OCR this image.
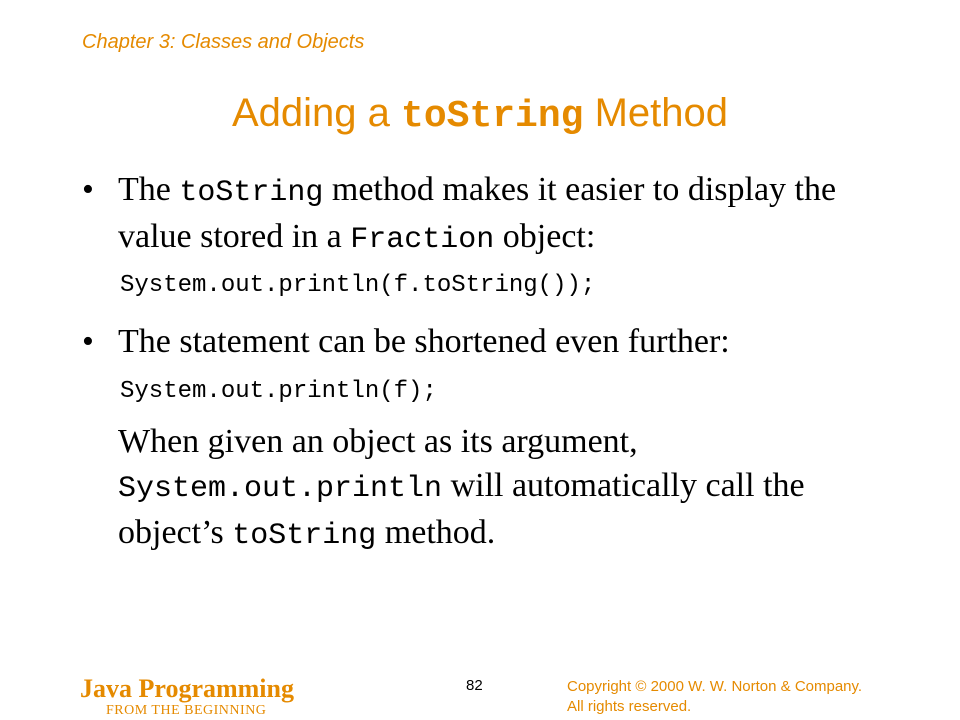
Chapter 3: Classes and Objects
Adding a toString Method
• The toString method makes it easier to display the value stored in a Fraction object:
System.out.println(f.toString());
• The statement can be shortened even further:
System.out.println(f);
When given an object as its argument, System.out.println will automatically call the object’s toString method.
Java Programming
FROM THE BEGINNING
82	Copyright © 2000 W. W. Norton & Company.
All rights reserved.
